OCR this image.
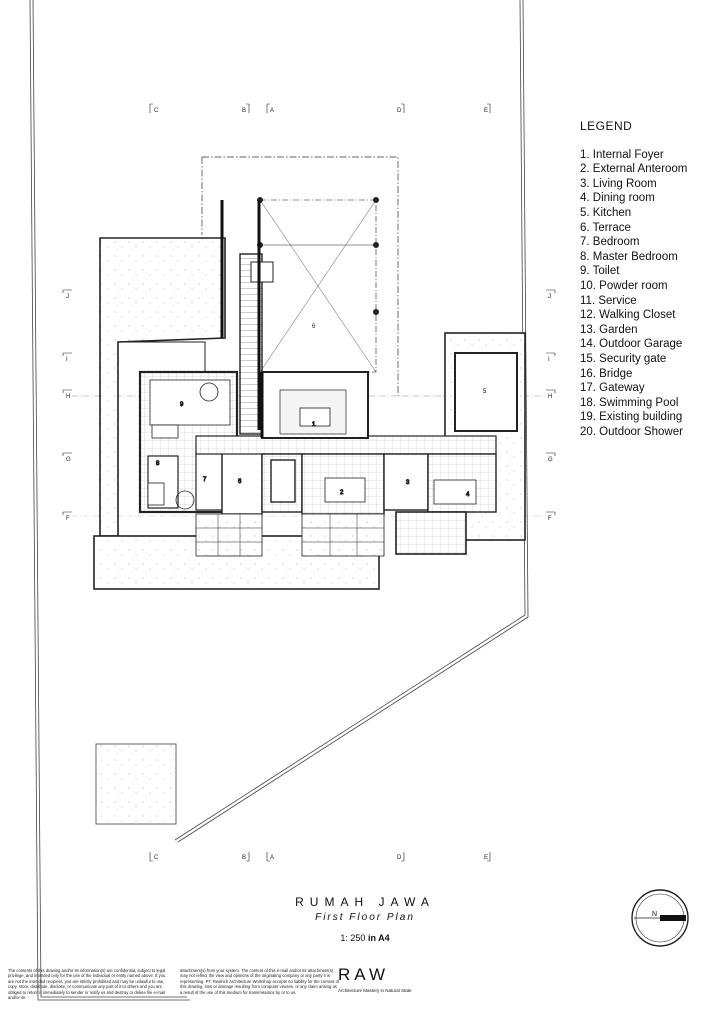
C	B	A	D	E
C	B	A	D	E
J
I
H
G
F
J
I
H
G
F
5
9
8
7	6
1
2
3
4
6
N
LEGEND
1. Internal Foyer
2. External Anteroom
3. Living Room
4. Dining room
5. Kitchen
6. Terrace
7. Bedroom
8. Master Bedroom
9. Toilet
10. Powder room
11. Service
12. Walking Closet
13. Garden
14. Outdoor Garage
15. Security gate
16. Bridge
17. Gateway
18. Swimming Pool
19. Existing building
20. Outdoor Shower
RUMAH JAWA
First Floor Plan
1: 250 in A4
The contents of this drawing and/or its information(s) are confidential, subject to legal privilege, and intended only for the use of the individual or entity named above. If you are not the intended recipient, you are strictly prohibited and may be unlawful to use, copy, store, distribute, disclose, or communicate any part of it to others and you are obliged to return it immediately to sender or notify us and destroy or delete file e-mail and/or its
attachment(s) from your system. The content of this e-mail and/or its attachment(s) may not reflect the view and opinions of the originating company or any party it is representing. PT. Realrich Architecture Workshop accepts no liability for the content of this drawing, loss or damage resulting from computer viruses, or any claim arising as a result of the use of this medium for transmissions by or to us.
RAW
Architecture Mastery in Natural State
